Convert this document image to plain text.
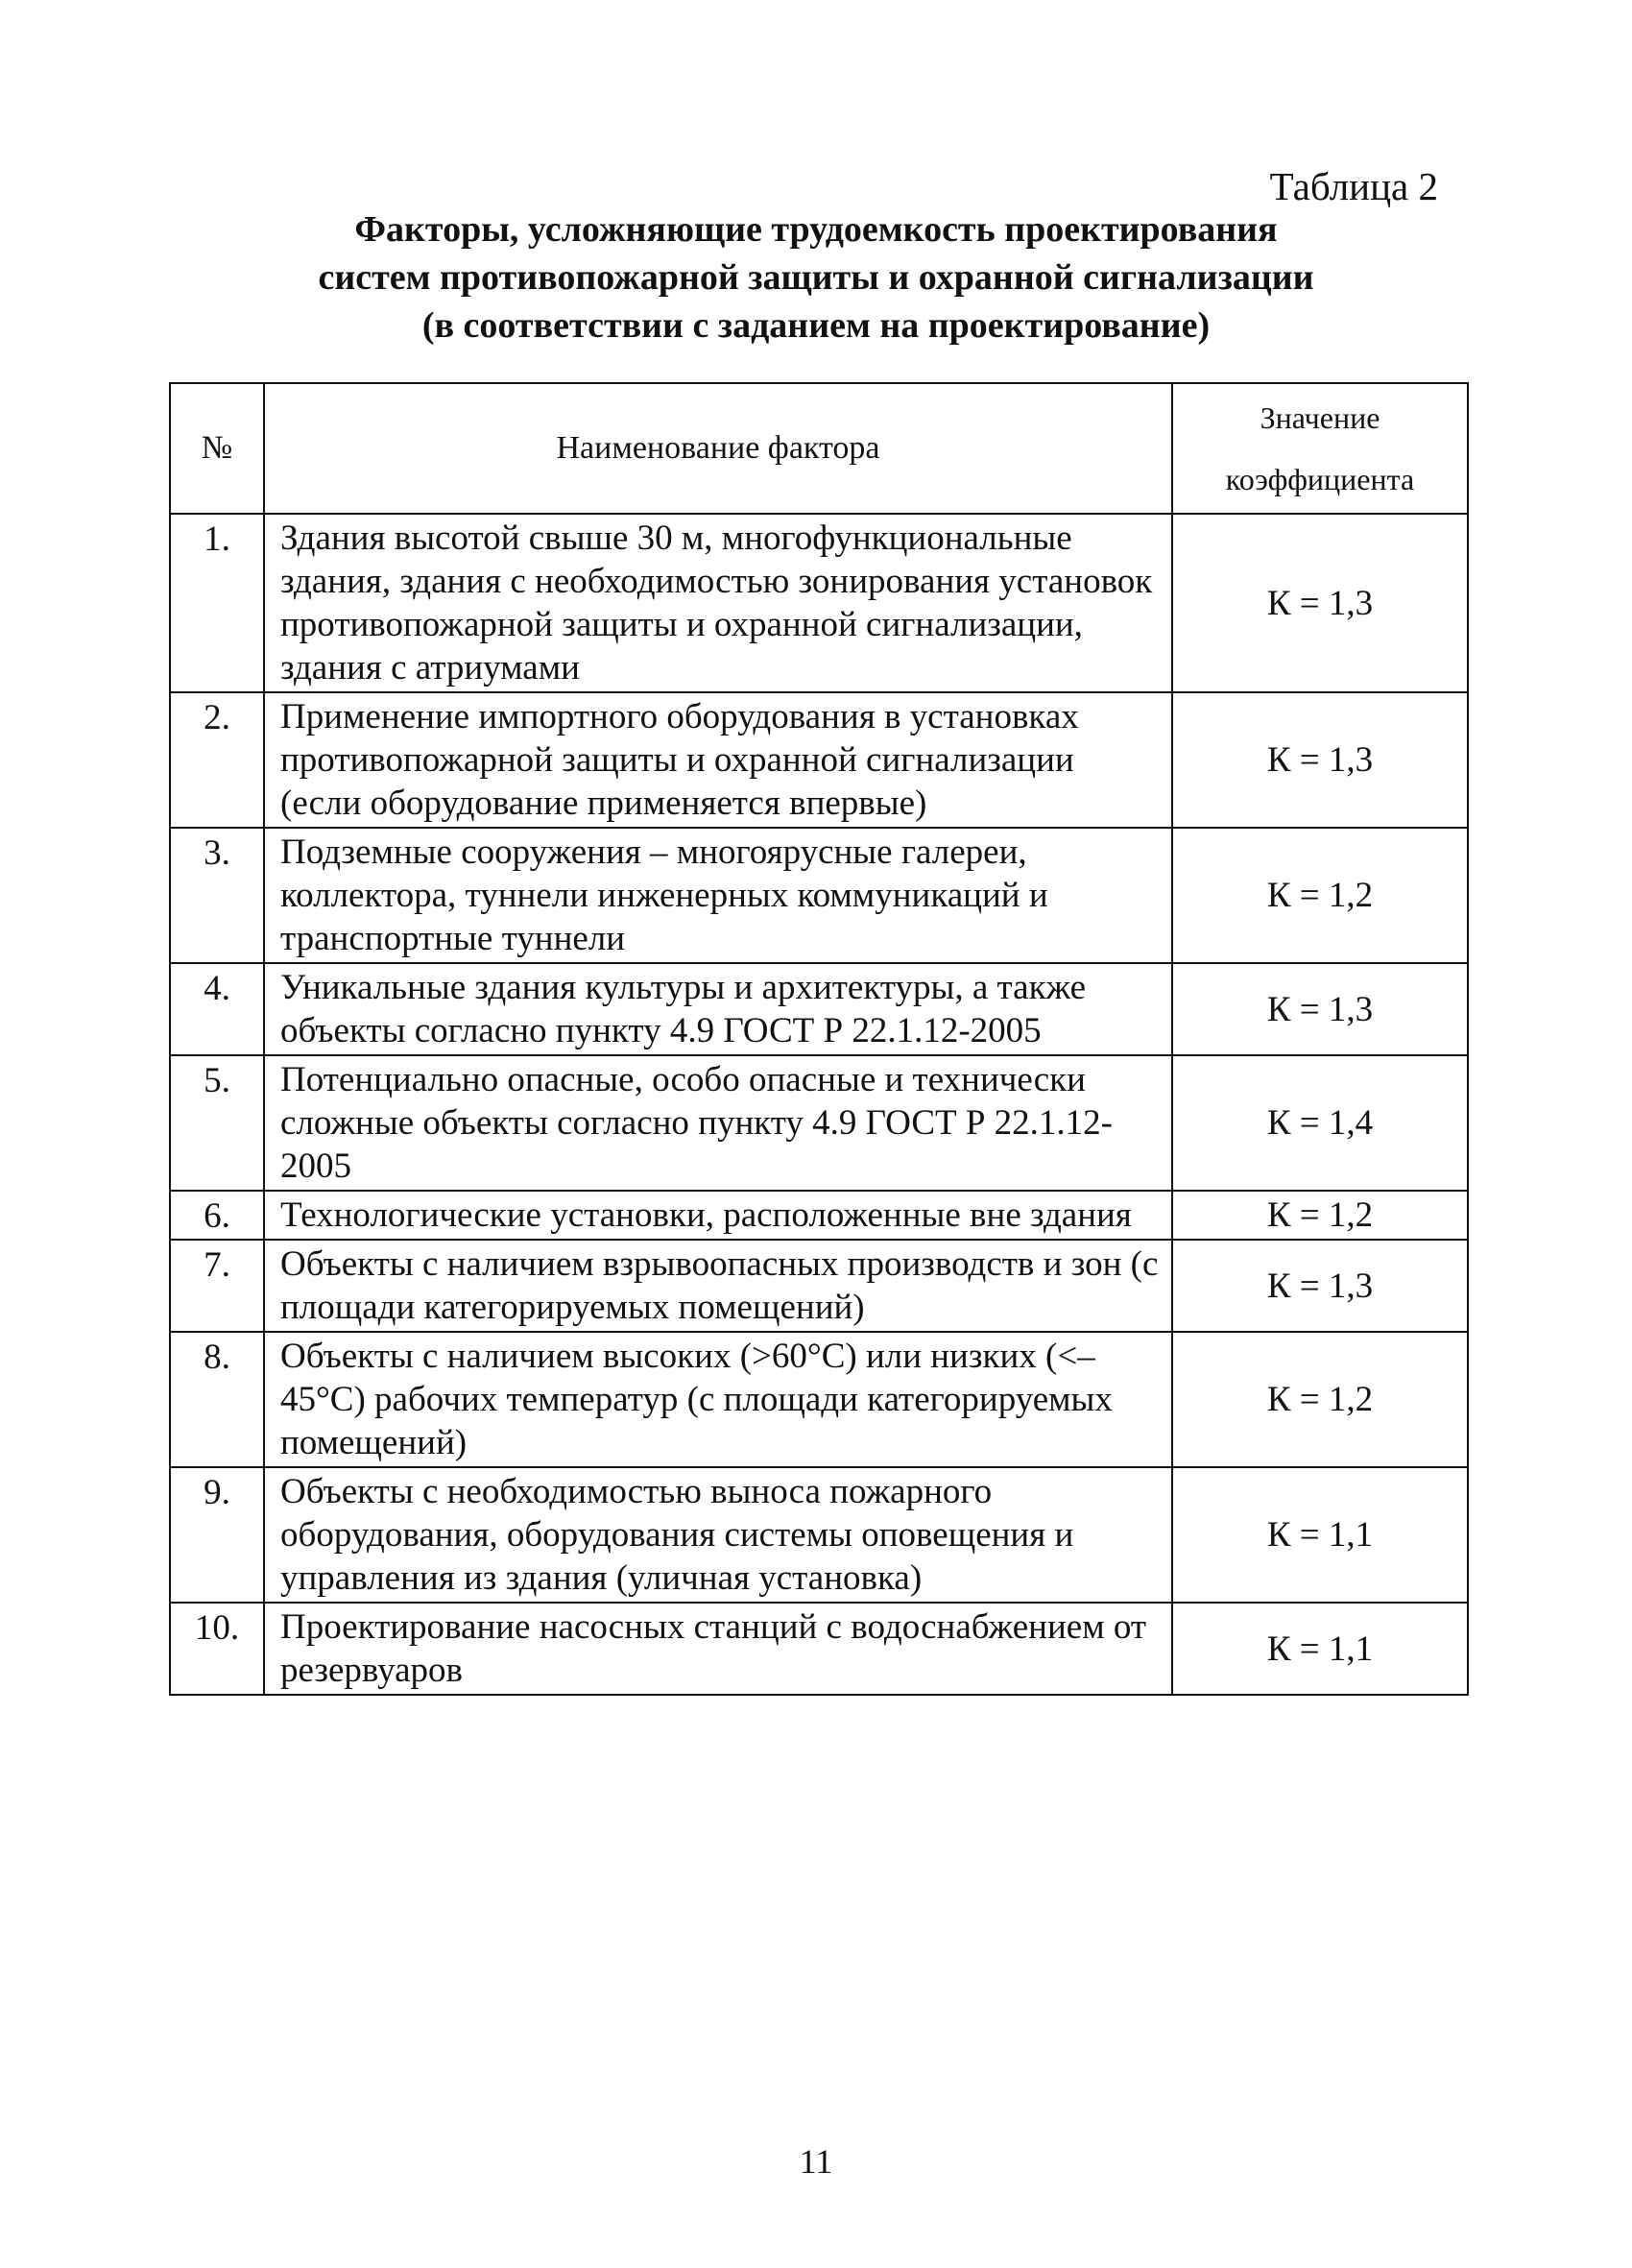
Таблица 2
Факторы, усложняющие трудоемкость проектирования
систем противопожарной защиты и охранной сигнализации
(в соответствии с заданием на проектирование)
№	Наименование фактора	Значение
коэффициента

1.	Здания высотой свыше 30 м, многофункциональные здания, здания с необходимостью зонирования установок противопожарной защиты и охранной сигнализации, здания с атриумами	К = 1,3
2.	Применение импортного оборудования в установках противопожарной защиты и охранной сигнализации (если оборудование применяется впервые)	К = 1,3
3.	Подземные сооружения – многоярусные галереи, коллектора, туннели инженерных коммуникаций и транспортные туннели	К = 1,2
4.	Уникальные здания культуры и архитектуры, а также объекты согласно пункту 4.9 ГОСТ Р 22.1.12-2005	К = 1,3
5.	Потенциально опасные, особо опасные и технически сложные объекты согласно пункту 4.9 ГОСТ Р 22.1.12-2005	К = 1,4
6.	Технологические установки, расположенные вне здания	К = 1,2
7.	Объекты с наличием взрывоопасных производств и зон (с площади категорируемых помещений)	К = 1,3
8.	Объекты с наличием высоких (>60°С) или низких (<–45°С) рабочих температур (с площади категорируемых помещений)	К = 1,2
9.	Объекты с необходимостью выноса пожарного оборудования, оборудования системы оповещения и управления из здания (уличная установка)	К = 1,1
10.	Проектирование насосных станций с водоснабжением от резервуаров	К = 1,1
11
